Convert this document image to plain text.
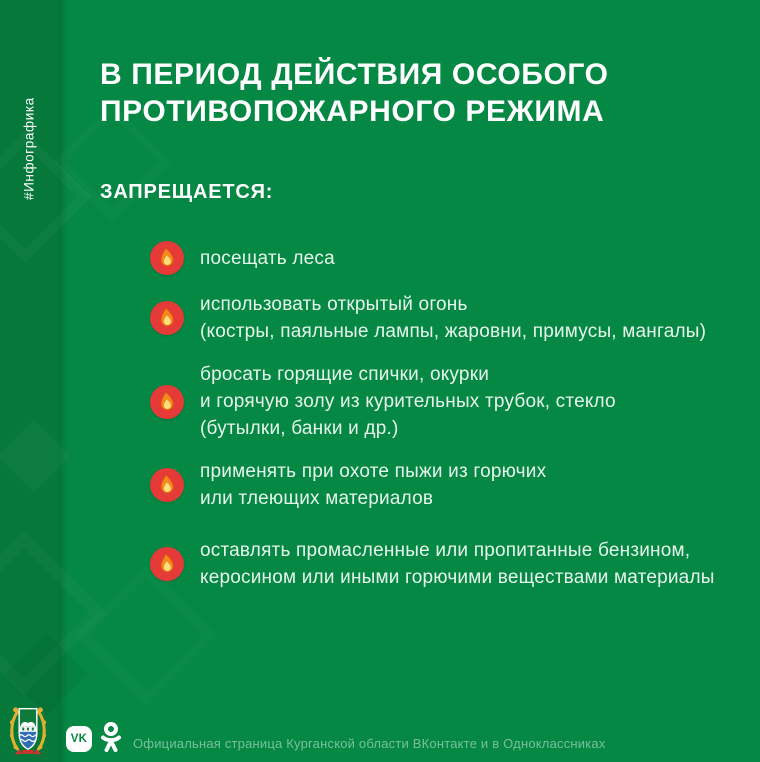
#Инфографика
В ПЕРИОД ДЕЙСТВИЯ ОСОБОГО
ПРОТИВОПОЖАРНОГО РЕЖИМА
ЗАПРЕЩАЕТСЯ:
посещать леса
использовать открытый огонь
(костры, паяльные лампы, жаровни, примусы, мангалы)
бросать горящие спички, окурки
и горячую золу из курительных трубок, стекло
(бутылки, банки и др.)
применять при охоте пыжи из горючих
или тлеющих материалов
оставлять промасленные или пропитанные бензином,
керосином или иными горючими веществами материалы
VK	Официальная страница Курганской области ВКонтакте и в Одноклассниках
